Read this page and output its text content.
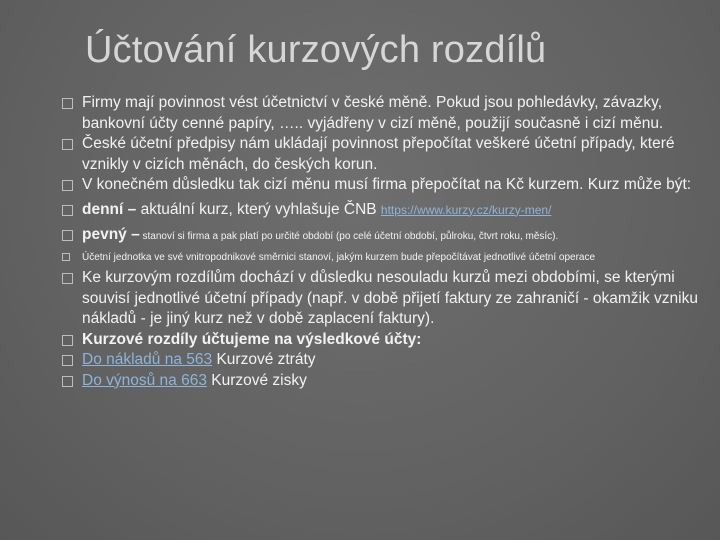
Účtování kurzových rozdílů
Firmy mají povinnost vést účetnictví v české měně. Pokud jsou pohledávky, závazky, bankovní účty cenné papíry, ….. vyjádřeny v cizí měně, použijí současně i cizí měnu.
České účetní předpisy nám ukládají povinnost přepočítat veškeré účetní případy, které vznikly v cizích měnách, do českých korun.
V konečném důsledku tak cizí měnu musí firma přepočítat na Kč kurzem. Kurz může být:
denní – aktuální kurz, který vyhlašuje ČNB https://www.kurzy.cz/kurzy-men/
pevný – stanoví si firma a pak platí po určité období (po celé účetní období, půlroku, čtvrt roku, měsíc).
Účetní jednotka ve své vnitropodnikové směrnici stanoví, jakým kurzem bude přepočítávat jednotlivé účetní operace
Ke kurzovým rozdílům dochází v důsledku nesouladu kurzů mezi obdobími, se kterými souvisí jednotlivé účetní případy (např. v době přijetí faktury ze zahraničí - okamžik vzniku nákladů - je jiný kurz než v době zaplacení faktury).
Kurzové rozdíly účtujeme na výsledkové účty:
Do nákladů na 563 Kurzové ztráty
Do výnosů na 663 Kurzové zisky
